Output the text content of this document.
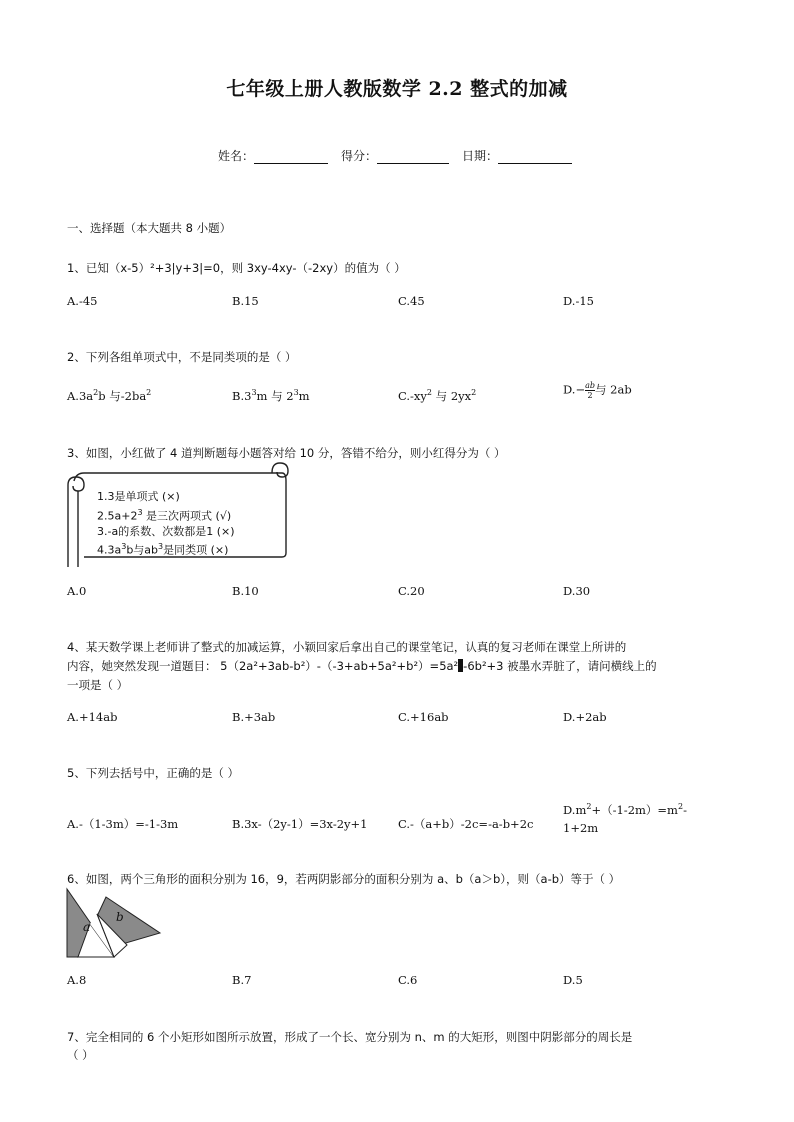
七年级上册人教版数学 2.2 整式的加减
姓名：	得分：	日期：
一、选择题（本大题共 8 小题）
1、已知（x-5）²+3|y+3|=0，则 3xy-4xy-（-2xy）的值为（ ）
A.-45	B.15	C.45	D.-15
2、下列各组单项式中，不是同类项的是（ ）
$A.3a^2b$ 与$-2ba^2$	$B.3^3m$ 与 $2^3m$	$C.-xy^2$ 与 $2yx^2$	$D.- \frac{ab}{2}$ 与 2ab
3、如图，小红做了 4 道判断题每小题答对给 10 分，答错不给分，则小红得分为（ ）
1.3是单项式 (×)
$2.5a+2^3$ 是三次两项式 (√)
3.-a的系数、次数都是1 (×)
$4.3a^3b$与$ab^3$是同类项 (×)
A.0	B.10	C.20	D.30
4、某天数学课上老师讲了整式的加减运算，小颖回家后拿出自己的课堂笔记，认真的复习老师在课堂上所讲的
内容，她突然发现一道题目： 5（2a²+3ab-b²）-（-3+ab+5a²+b²）=5a² -6b²+3 被墨水弄脏了，请问横线上的
一项是（ ）
A.+14ab	B.+3ab	C.+16ab	D.+2ab
5、下列去括号中，正确的是（ ）
A.-（1-3m）=-1-3m	B.3x-（2y-1）=3x-2y+1	C.-（a+b）-2c=-a-b+2c
$D.m^2+(-1-2m)=m^2-$
1+2m
6、如图，两个三角形的面积分别为 16，9，若两阴影部分的面积分别为 a、b（a＞b），则（a-b）等于（ ）
a
b
A.8	B.7	C.6	D.5
7、完全相同的 6 个小矩形如图所示放置，形成了一个长、宽分别为 n、m 的大矩形，则图中阴影部分的周长是
（ ）
